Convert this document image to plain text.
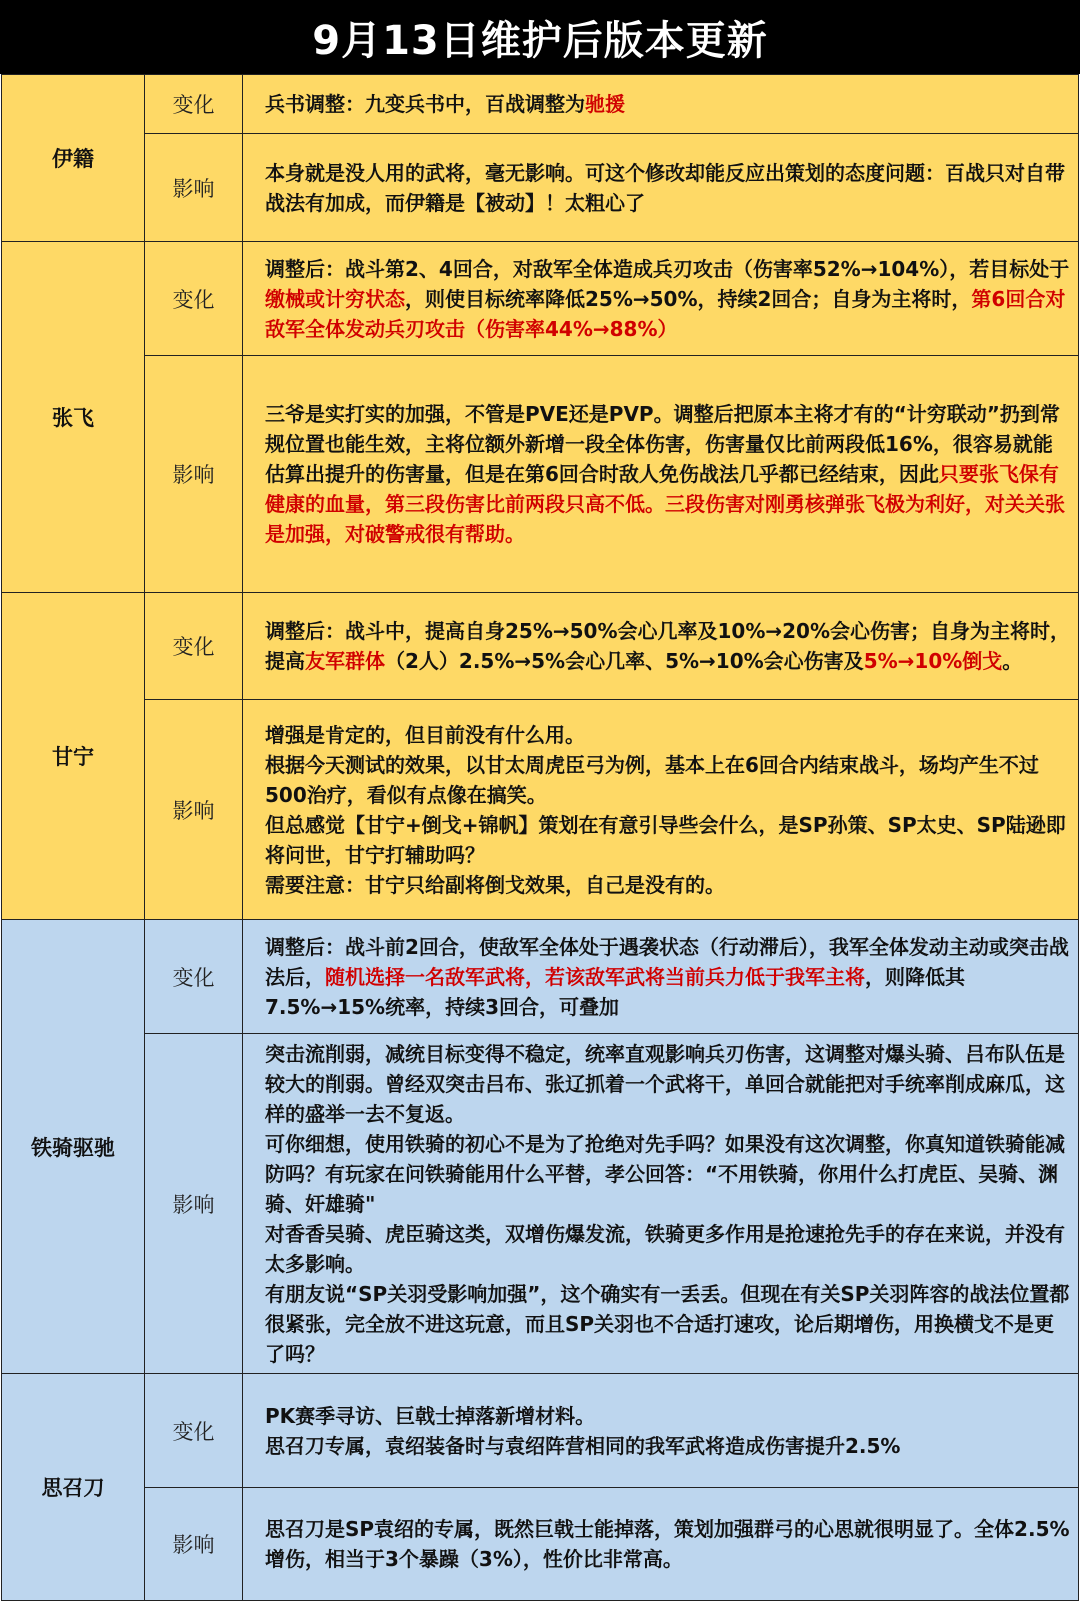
9月13日维护后版本更新
伊籍	变化	兵书调整：九变兵书中，百战调整为驰援
	影响	本身就是没人用的武将，毫无影响。可这个修改却能反应出策划的态度问题：百战只对自带战法有加成，而伊籍是【被动】！太粗心了
张飞	变化	调整后：战斗第2、4回合，对敌军全体造成兵刃攻击（伤害率52%→104%），若目标处于缴械或计穷状态，则使目标统率降低25%→50%，持续2回合；自身为主将时，第6回合对敌军全体发动兵刃攻击（伤害率44%→88%）
	影响	三爷是实打实的加强，不管是PVE还是PVP。调整后把原本主将才有的“计穷联动”扔到常规位置也能生效，主将位额外新增一段全体伤害，伤害量仅比前两段低16%，很容易就能估算出提升的伤害量，但是在第6回合时敌人免伤战法几乎都已经结束，因此只要张飞保有健康的血量，第三段伤害比前两段只高不低。三段伤害对刚勇核弹张飞极为利好，对关关张是加强，对破警戒很有帮助。
甘宁	变化	调整后：战斗中，提高自身25%→50%会心几率及10%→20%会心伤害；自身为主将时，提高友军群体（2人）2.5%→5%会心几率、5%→10%会心伤害及5%→10%倒戈。
	影响	增强是肯定的，但目前没有什么用。
根据今天测试的效果，以甘太周虎臣弓为例，基本上在6回合内结束战斗，场均产生不过500治疗，看似有点像在搞笑。
但总感觉【甘宁+倒戈+锦帆】策划在有意引导些会什么，是SP孙策、SP太史、SP陆逊即将问世，甘宁打辅助吗？
需要注意：甘宁只给副将倒戈效果，自己是没有的。

铁骑驱驰	变化	调整后：战斗前2回合，使敌军全体处于遇袭状态（行动滞后），我军全体发动主动或突击战法后，随机选择一名敌军武将，若该敌军武将当前兵力低于我军主将，则降低其7.5%→15%统率，持续3回合，可叠加
	影响	突击流削弱，减统目标变得不稳定，统率直观影响兵刃伤害，这调整对爆头骑、吕布队伍是较大的削弱。曾经双突击吕布、张辽抓着一个武将干，单回合就能把对手统率削成麻瓜，这样的盛举一去不复返。
可你细想，使用铁骑的初心不是为了抢绝对先手吗？如果没有这次调整，你真知道铁骑能减防吗？有玩家在问铁骑能用什么平替，孝公回答：“不用铁骑，你用什么打虎臣、吴骑、渊骑、奸雄骑"
对香香吴骑、虎臣骑这类，双增伤爆发流，铁骑更多作用是抢速抢先手的存在来说，并没有太多影响。
有朋友说“SP关羽受影响加强”，这个确实有一丢丢。但现在有关SP关羽阵容的战法位置都很紧张，完全放不进这玩意，而且SP关羽也不合适打速攻，论后期增伤，用换横戈不是更了吗？

思召刀	变化	PK赛季寻访、巨戟士掉落新增材料。
思召刀专属，袁绍装备时与袁绍阵营相同的我军武将造成伤害提升2.5%

	影响	思召刀是SP袁绍的专属，既然巨戟士能掉落，策划加强群弓的心思就很明显了。全体2.5%增伤，相当于3个暴躁（3%），性价比非常高。
